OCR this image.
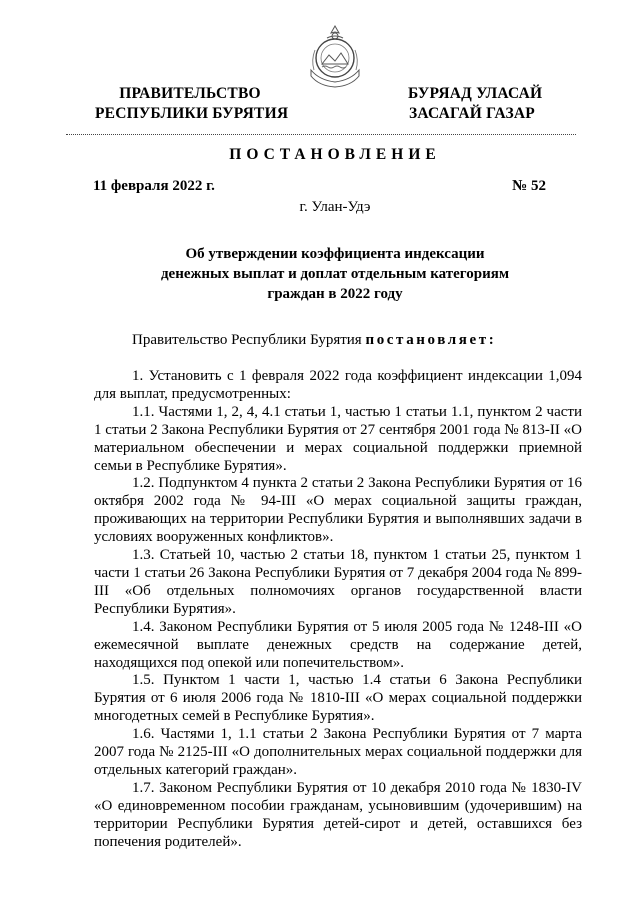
ПРАВИТЕЛЬСТВО
РЕСПУБЛИКИ БУРЯТИЯ
БУРЯАД УЛАСАЙ
ЗАСАГАЙ ГАЗАР
ПОСТАНОВЛЕНИЕ
11 февраля 2022 г.	№ 52
г. Улан-Удэ
Об утверждении коэффициента индексации
денежных выплат и доплат отдельным категориям
граждан в 2022 году
Правительство Республики Бурятия постановляет:

1. Установить с 1 февраля 2022 года коэффициент индексации 1,094 для выплат, предусмотренных:

1.1. Частями 1, 2, 4, 4.1 статьи 1, частью 1 статьи 1.1, пунктом 2 части 1 статьи 2 Закона Республики Бурятия от 27 сентября 2001 года № 813-II «О материальном обеспечении и мерах социальной поддержки приемной семьи в Республике Бурятия».

1.2. Подпунктом 4 пункта 2 статьи 2 Закона Республики Бурятия от 16 октября 2002 года № 94-III «О мерах социальной защиты граждан, проживающих на территории Республики Бурятия и выполнявших задачи в условиях вооруженных конфликтов».

1.3. Статьей 10, частью 2 статьи 18, пунктом 1 статьи 25, пунктом 1 части 1 статьи 26 Закона Республики Бурятия от 7 декабря 2004 года № 899-III «Об отдельных полномочиях органов государственной власти Республики Бурятия».

1.4. Законом Республики Бурятия от 5 июля 2005 года № 1248-III «О ежемесячной выплате денежных средств на содержание детей, находящихся под опекой или попечительством».

1.5. Пунктом 1 части 1, частью 1.4 статьи 6 Закона Республики Бурятия от 6 июля 2006 года № 1810-III «О мерах социальной поддержки многодетных семей в Республике Бурятия».

1.6. Частями 1, 1.1 статьи 2 Закона Республики Бурятия от 7 марта 2007 года № 2125-III «О дополнительных мерах социальной поддержки для отдельных категорий граждан».

1.7. Законом Республики Бурятия от 10 декабря 2010 года № 1830-IV «О единовременном пособии гражданам, усыновившим (удочерившим) на территории Республики Бурятия детей-сирот и детей, оставшихся без попечения родителей».
